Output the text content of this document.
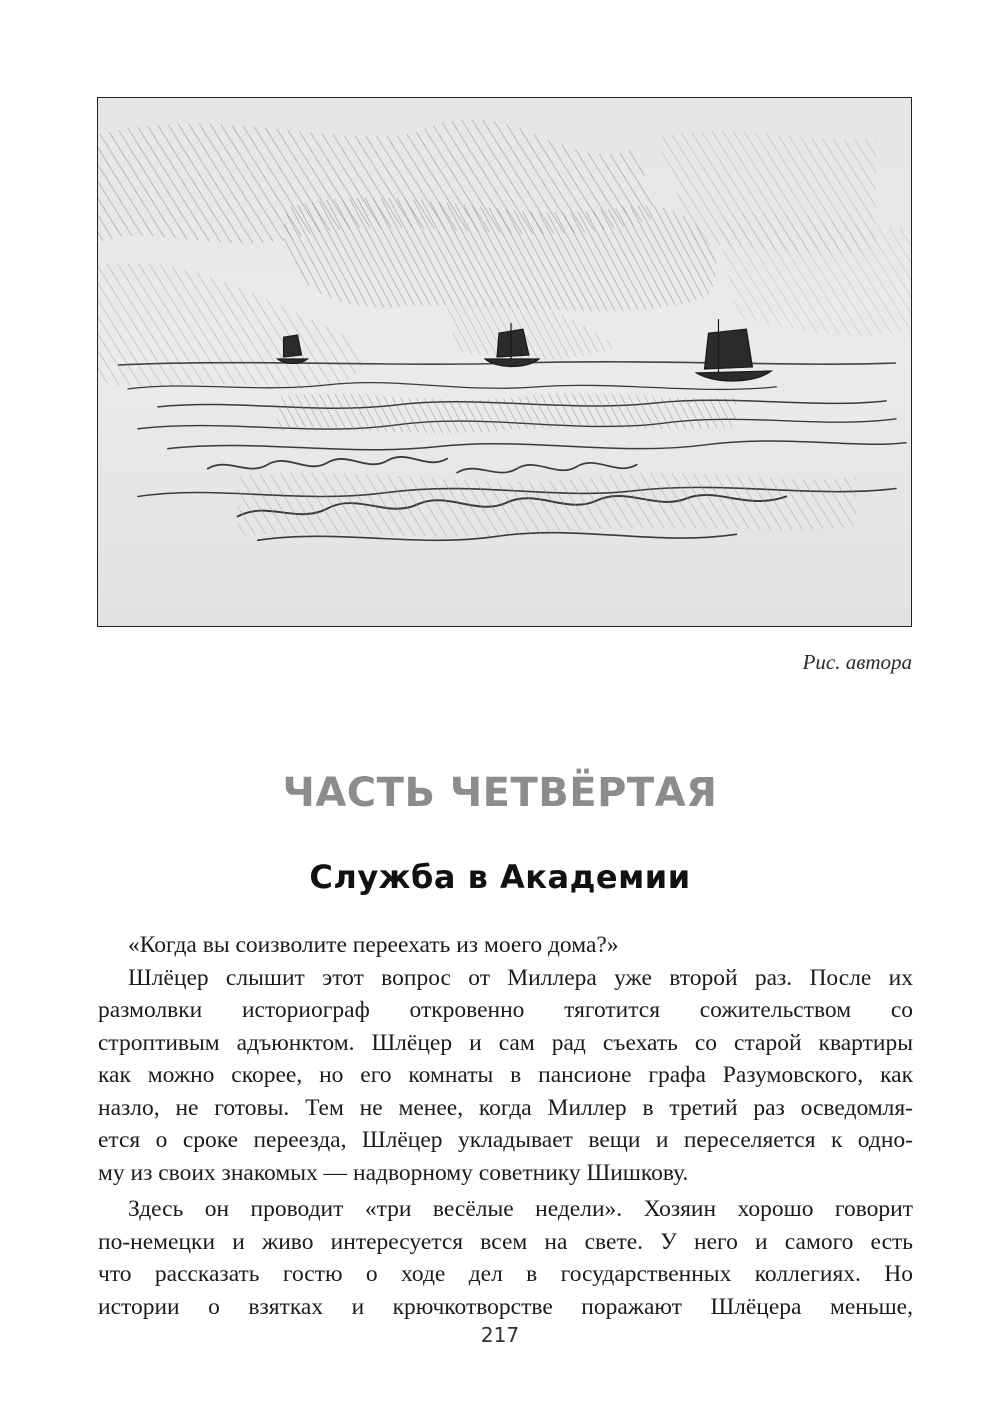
Рис. автора
ЧАСТЬ ЧЕТВЁРТАЯ
Служба в Академии
«Когда вы соизволите переехать из моего дома?»
Шлёцер слышит этот вопрос от Миллера уже второй раз. После их
размолвки историограф откровенно тяготится сожительством со
строптивым адъюнктом. Шлёцер и сам рад съехать со старой квартиры
как можно скорее, но его комнаты в пансионе графа Разумовского, как
назло, не готовы. Тем не менее, когда Миллер в третий раз осведомля-
ется о сроке переезда, Шлёцер укладывает вещи и переселяется к одно-
му из своих знакомых — надворному советнику Шишкову.
Здесь он проводит «три весёлые недели». Хозяин хорошо говорит
по-немецки и живо интересуется всем на свете. У него и самого есть
что рассказать гостю о ходе дел в государственных коллегиях. Но
истории о взятках и крючкотворстве поражают Шлёцера меньше,
217
